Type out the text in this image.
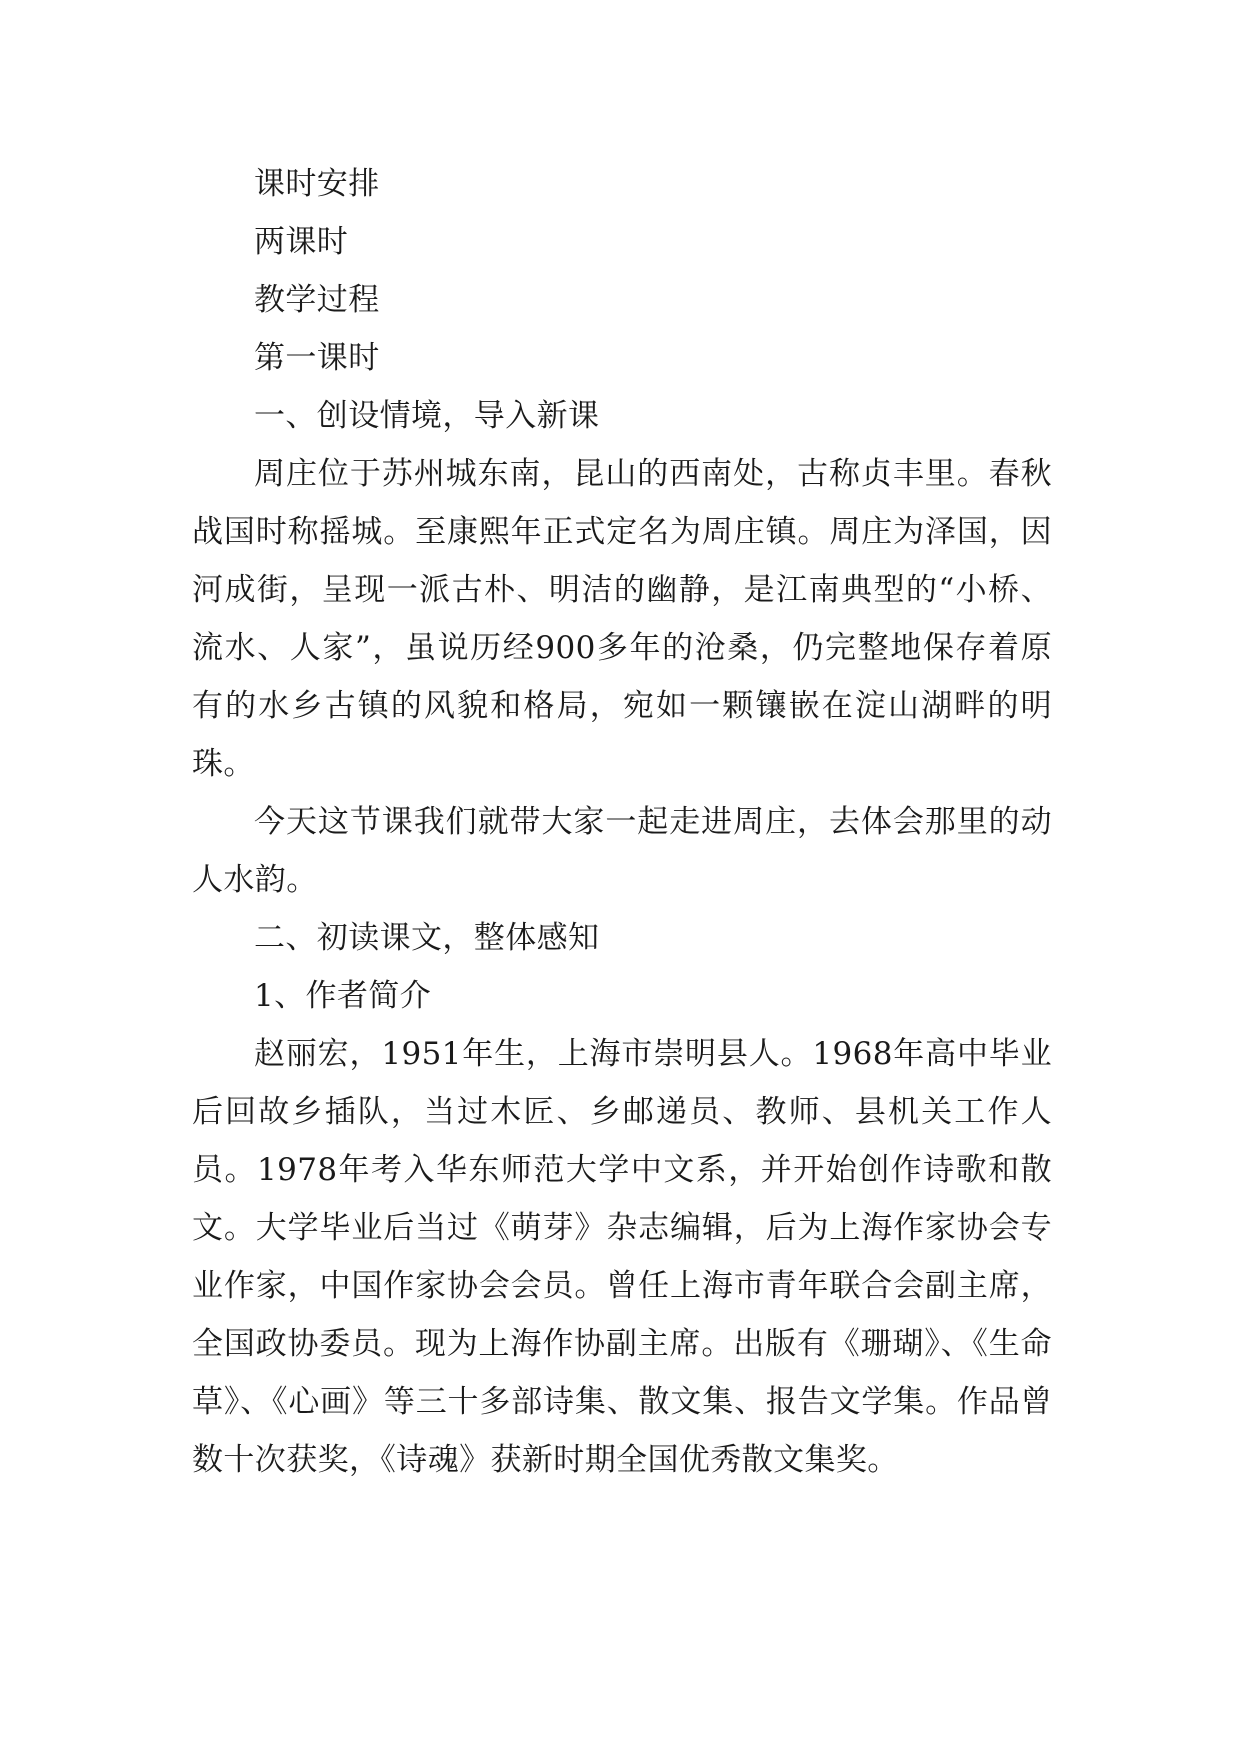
课时安排

两课时

教学过程

第一课时

一、创设情境，导入新课

周庄位于苏州城东南，昆山的西南处，古称贞丰里。春秋战国时称摇城。至康熙年正式定名为周庄镇。周庄为泽国，因河成街，呈现一派古朴、明洁的幽静，是江南典型的“小桥、流水、人家”，虽说历经900多年的沧桑，仍完整地保存着原有的水乡古镇的风貌和格局，宛如一颗镶嵌在淀山湖畔的明珠。

今天这节课我们就带大家一起走进周庄，去体会那里的动人水韵。

二、初读课文，整体感知

1、作者简介

赵丽宏，1951年生，上海市崇明县人。1968年高中毕业后回故乡插队，当过木匠、乡邮递员、教师、县机关工作人员。1978年考入华东师范大学中文系，并开始创作诗歌和散文。大学毕业后当过《萌芽》杂志编辑，后为上海作家协会专业作家，中国作家协会会员。曾任上海市青年联合会副主席，全国政协委员。现为上海作协副主席。出版有《珊瑚》、《生命草》、《心画》等三十多部诗集、散文集、报告文学集。作品曾数十次获奖，《诗魂》获新时期全国优秀散文集奖。
